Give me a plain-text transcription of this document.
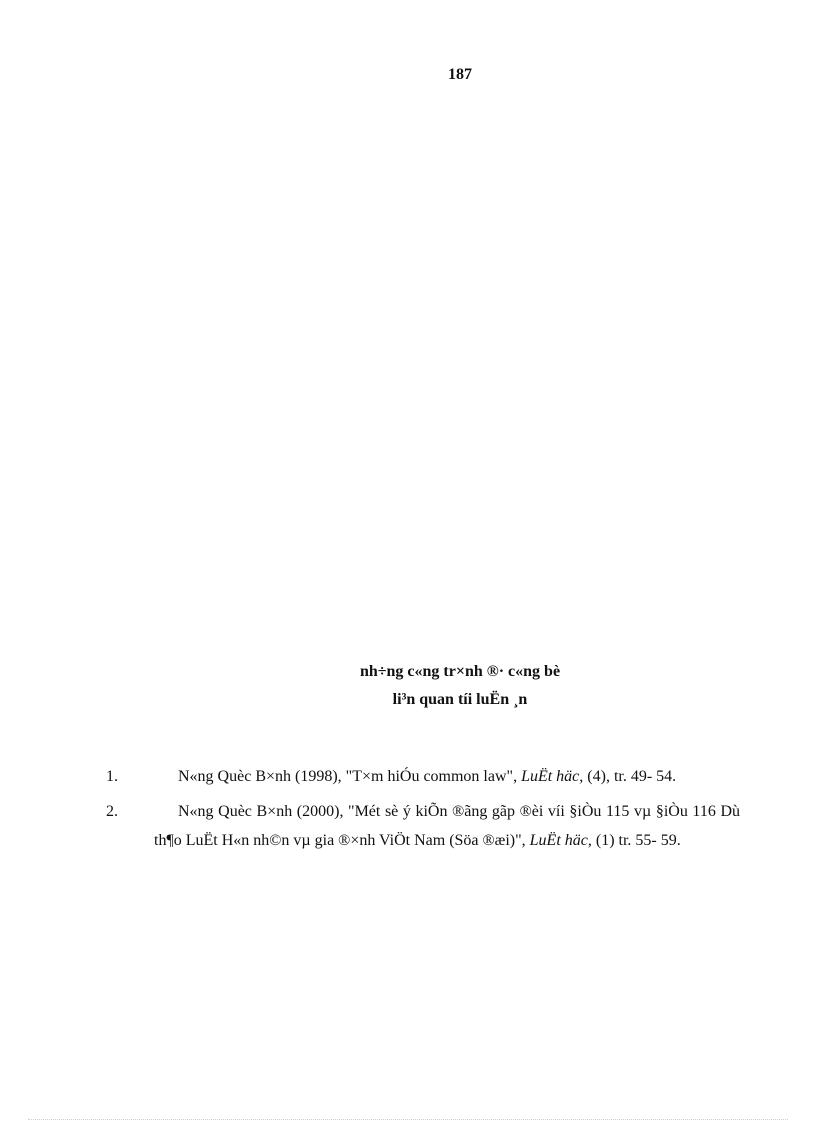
187
nh÷ng c«ng tr×nh ®· c«ng bè
li³n quan tíi luËn ¸n
1.	N«ng Quèc B×nh (1998), "T×m hiÓu common law", LuËt häc, (4), tr. 49- 54.
2.	N«ng Quèc B×nh (2000), "Mét sè ý kiÕn ®ãng gãp ®èi víi §iÒu 115 vµ §iÒu 116 Dù th¶o LuËt H«n nh©n vµ gia ®×nh ViÖt Nam (Söa ®æi)", LuËt häc, (1) tr. 55- 59.
